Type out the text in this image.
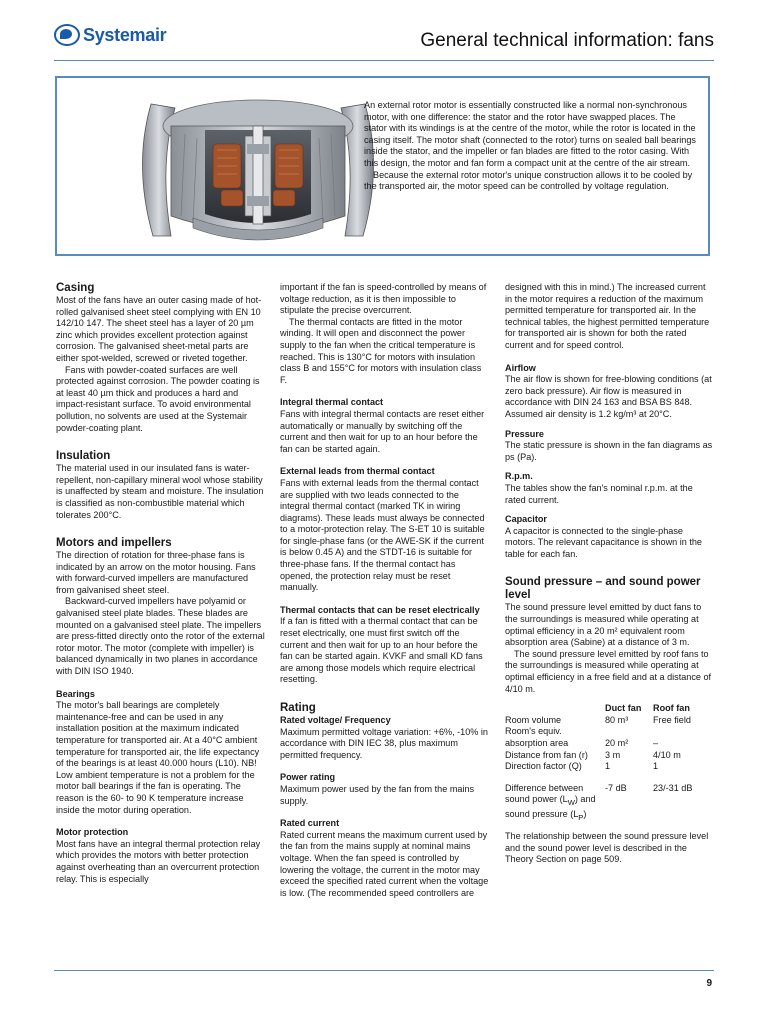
Systemair	General technical information: fans

An external rotor motor is essentially constructed like a normal non-synchronous motor, with one difference: the stator and the rotor have swapped places. The stator with its windings is at the centre of the motor, while the rotor is located in the casing itself. The motor shaft (connected to the rotor) turns on sealed ball bearings inside the stator, and the impeller or fan blades are fitted to the rotor casing. With this design, the motor and fan form a compact unit at the centre of the air stream.

Because the external rotor motor's unique construction allows it to be cooled by the transported air, the motor speed can be controlled by voltage regulation.

Casing

Most of the fans have an outer casing made of hot-rolled galvanised sheet steel complying with EN 10 142/10 147. The sheet steel has a layer of 20 µm zinc which provides excellent protection against corrosion. The galvanised sheet-metal parts are either spot-welded, screwed or riveted together.

Fans with powder-coated surfaces are well protected against corrosion. The powder coating is at least 40 µm thick and produces a hard and impact-resistant surface. To avoid environmental pollution, no solvents are used at the Systemair powder-coating plant.

Insulation

The material used in our insulated fans is water-repellent, non-capillary mineral wool whose stability is unaffected by steam and moisture. The insulation is classified as non-combustible material which tolerates 200°C.

Motors and impellers

The direction of rotation for three-phase fans is indicated by an arrow on the motor housing. Fans with forward-curved impellers are manufactured from galvanised sheet steel.

Backward-curved impellers have polyamid or galvanised steel plate blades. These blades are mounted on a galvanised steel plate. The impellers are press-fitted directly onto the rotor of the external rotor motor. The motor (complete with impeller) is balanced dynamically in two planes in accordance with DIN ISO 1940.

Bearings

The motor's ball bearings are completely maintenance-free and can be used in any installation position at the maximum indicated temperature for transported air. At a 40°C ambient temperature for transported air, the life expectancy of the bearings is at least 40.000 hours (L10). NB! Low ambient temperature is not a problem for the motor ball bearings if the fan is operating. The reason is the 60- to 90 K temperature increase inside the motor during operation.

Motor protection

Most fans have an integral thermal protection relay which provides the motors with better protection against overheating than an overcurrent protection relay. This is especially

important if the fan is speed-controlled by means of voltage reduction, as it is then impossible to stipulate the precise overcurrent.

The thermal contacts are fitted in the motor winding. It will open and disconnect the power supply to the fan when the critical temperature is reached. This is 130°C for motors with insulation class B and 155°C for motors with insulation class F.

Integral thermal contact

Fans with integral thermal contacts are reset either automatically or manually by switching off the current and then wait for up to an hour before the fan can be started again.

External leads from thermal contact

Fans with external leads from the thermal contact are supplied with two leads connected to the integral thermal contact (marked TK in wiring diagrams). These leads must always be connected to a motor-protection relay. The S-ET 10 is suitable for single-phase fans (or the AWE-SK if the current is below 0.45 A) and the STDT-16 is suitable for three-phase fans. If the thermal contact has opened, the protection relay must be reset manually.

Thermal contacts that can be reset electrically

If a fan is fitted with a thermal contact that can be reset electrically, one must first switch off the current and then wait for up to an hour before the fan can be started again. KVKF and small KD fans are among those models which require electrical resetting.

Rating
Rated voltage/ Frequency

Maximum permitted voltage variation: +6%, -10% in accordance with DIN IEC 38, plus maximum permitted frequency.

Power rating

Maximum power used by the fan from the mains supply.

Rated current

Rated current means the maximum current used by the fan from the mains supply at nominal mains voltage. When the fan speed is controlled by lowering the voltage, the current in the motor may exceed the specified rated current when the voltage is low. (The recommended speed controllers are

designed with this in mind.) The increased current in the motor requires a reduction of the maximum permitted temperature for transported air. In the technical tables, the highest permitted temperature for transported air is shown for both the rated current and for speed control.

Airflow

The air flow is shown for free-blowing conditions (at zero back pressure). Air flow is measured in accordance with DIN 24 163 and BSA BS 848. Assumed air density is 1.2 kg/m³ at 20°C.

Pressure

The static pressure is shown in the fan diagrams as ps (Pa).

R.p.m.

The tables show the fan's nominal r.p.m. at the rated current.

Capacitor

A capacitor is connected to the single-phase motors. The relevant capacitance is shown in the table for each fan.

Sound pressure – and sound power level

The sound pressure level emitted by duct fans to the surroundings is measured while operating at optimal efficiency in a 20 m² equivalent room absorption area (Sabine) at a distance of 3 m.

The sound pressure level emitted by roof fans to the surroundings is measured while operating at optimal efficiency in a free field and at a distance of 4/10 m.

	Duct fan	Roof fan
Room volume	80 m³	Free field
Room's equiv. absorption area	20 m²	–
Distance from fan (r)	3 m	4/10 m
Direction factor (Q)	1	1

Difference between
sound power $(L_W)$ and
sound pressure $(L_P)$	-7 dB	23/-31 dB

The relationship between the sound pressure level and the sound power level is described in the Theory Section on page 509.

9
